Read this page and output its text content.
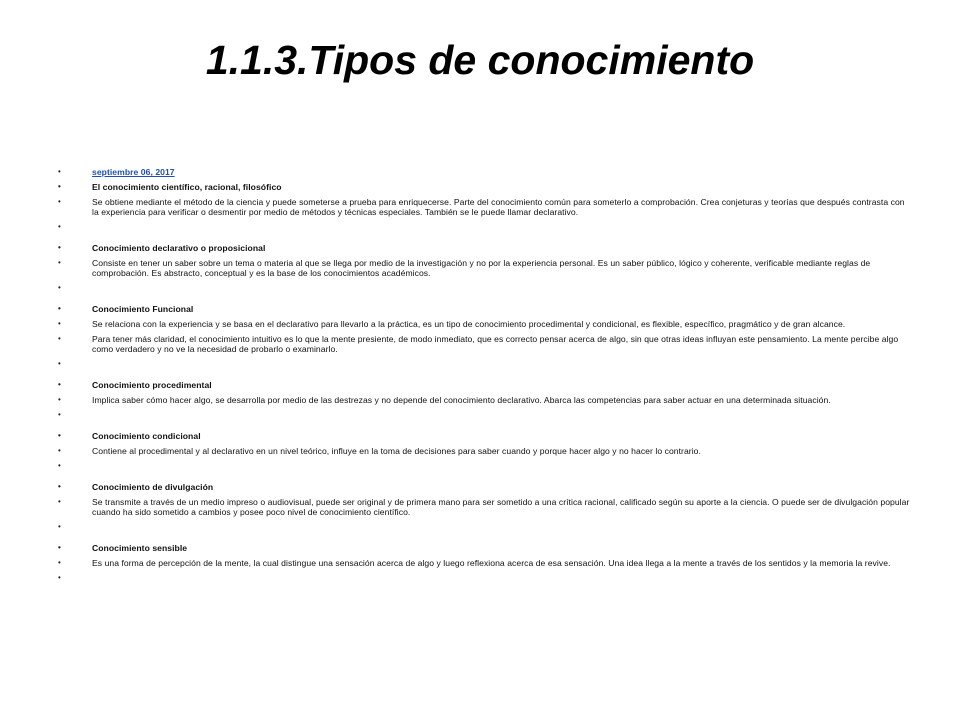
1.1.3.Tipos de conocimiento
• septiembre 06, 2017
• El conocimiento científico, racional, filosófico
• Se obtiene mediante el método de la ciencia y puede someterse a prueba para enriquecerse. Parte del conocimiento común para someterlo a comprobación. Crea conjeturas y teorías que después contrasta con la experiencia para verificar o desmentir por medio de métodos y técnicas especiales. También se le puede llamar declarativo.
•
• Conocimiento declarativo o proposicional
• Consiste en tener un saber sobre un tema o materia al que se llega por medio de la investigación y no por la experiencia personal. Es un saber público, lógico y coherente, verificable mediante reglas de comprobación. Es abstracto, conceptual y es la base de los conocimientos académicos.
•
• Conocimiento Funcional
• Se relaciona con la experiencia y se basa en el declarativo para llevarlo a la práctica, es un tipo de conocimiento procedimental y condicional, es flexible, específico, pragmático y de gran alcance.
• Para tener más claridad, el conocimiento intuitivo es lo que la mente presiente, de modo inmediato, que es correcto pensar acerca de algo, sin que otras ideas influyan este pensamiento. La mente percibe algo como verdadero y no ve la necesidad de probarlo o examinarlo.
•
• Conocimiento procedimental
• Implica saber cómo hacer algo, se desarrolla por medio de las destrezas y no depende del conocimiento declarativo. Abarca las competencias para saber actuar en una determinada situación.
•
• Conocimiento condicional
• Contiene al procedimental y al declarativo en un nivel teórico, influye en la toma de decisiones para saber cuando y porque hacer algo y no hacer lo contrario.
•
• Conocimiento de divulgación
• Se transmite a través de un medio impreso o audiovisual, puede ser original y de primera mano para ser sometido a una crítica racional, calificado según su aporte a la ciencia. O puede ser de divulgación popular cuando ha sido sometido a cambios y posee poco nivel de conocimiento científico.
•
• Conocimiento sensible
• Es una forma de percepción de la mente, la cual distingue una sensación acerca de algo y luego reflexiona acerca de esa sensación. Una idea llega a la mente a través de los sentidos y la memoria la revive.
•
